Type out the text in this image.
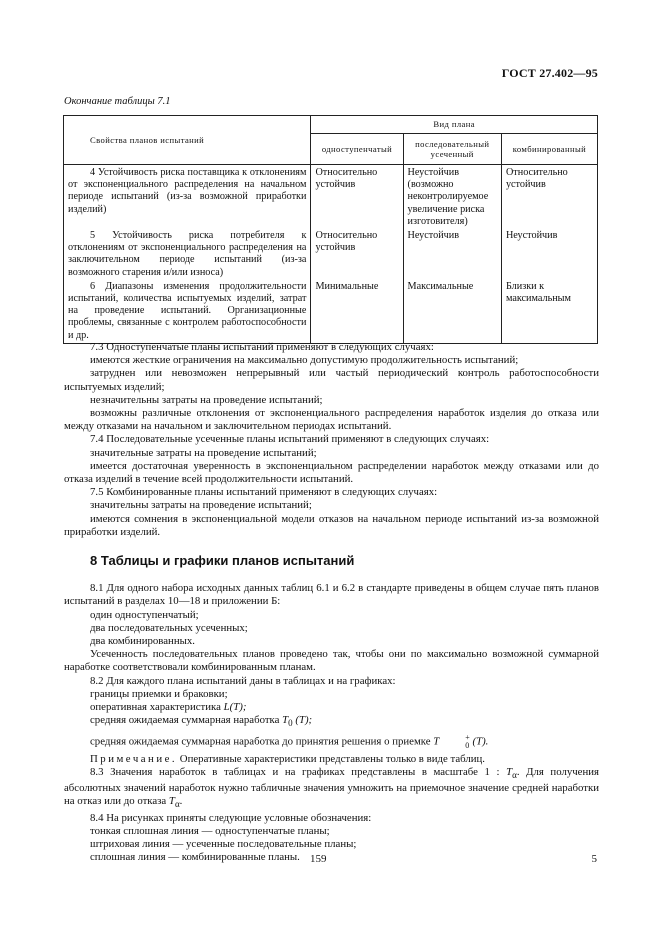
ГОСТ 27.402—95
Окончание таблицы 7.1
Свойства планов испытаний	Вид плана		
	одноступенчатый	последовательный усеченный	комбинированный
4 Устойчивость риска поставщика к отклонениям от экспоненциального распределения на начальном периоде испытаний (из-за возможной приработки изделий)	Относительно устойчив	Неустойчив (возможно неконтролируемое увеличение риска изготовителя)	Относительно устойчив
5 Устойчивость риска потребителя к отклонениям от экспоненциального распределения на заключительном периоде испытаний (из-за возможного старения и/или износа)	Относительно устойчив	Неустойчив	Неустойчив
6 Диапазоны изменения продолжительности испытаний, количества испытуемых изделий, затрат на проведение испытаний. Организационные проблемы, связанные с контролем работоспособности и др.	Минимальные	Максимальные	Близки к максимальным

7.3 Одноступенчатые планы испытаний применяют в следующих случаях:

имеются жесткие ограничения на максимально допустимую продолжительность испытаний;

затруднен или невозможен непрерывный или частый периодический контроль работоспособности испытуемых изделий;

незначительны затраты на проведение испытаний;

возможны различные отклонения от экспоненциального распределения наработок изделия до отказа или между отказами на начальном и заключительном периодах испытаний.

7.4 Последовательные усеченные планы испытаний применяют в следующих случаях:

значительные затраты на проведение испытаний;

имеется достаточная уверенность в экспоненциальном распределении наработок между отказами или до отказа изделий в течение всей продолжительности испытаний.

7.5 Комбинированные планы испытаний применяют в следующих случаях:

значительны затраты на проведение испытаний;

имеются сомнения в экспоненциальной модели отказов на начальном периоде испытаний из-за возможной приработки изделий.

8 Таблицы и графики планов испытаний

8.1 Для одного набора исходных данных таблиц 6.1 и 6.2 в стандарте приведены в общем случае пять планов испытаний в разделах 10—18 и приложении Б:

один одноступенчатый;

два последовательных усеченных;

два комбинированных.

Усеченность последовательных планов проведено так, чтобы они по максимально возможной суммарной наработке соответствовали комбинированным планам.

8.2 Для каждого плана испытаний даны в таблицах и на графиках:

границы приемки и браковки;

оперативная характеристика L(T);

средняя ожидаемая суммарная наработка $T_0$ (T);

средняя ожидаемая суммарная наработка до принятия решения о приемке T	+
0 (T).

Примечание. Оперативные характеристики представлены только в виде таблиц.

8.3 Значения наработок в таблицах и на графиках представлены в масштабе 1 : $T_\alpha$. Для получения абсолютных значений наработок нужно табличные значения умножить на приемочное значение средней наработки на отказ или до отказа $T_\alpha$.

8.4 На рисунках приняты следующие условные обозначения:

тонкая сплошная линия — одноступенчатые планы;

штриховая линия — усеченные последовательные планы;

сплошная линия — комбинированные планы. 159	5
